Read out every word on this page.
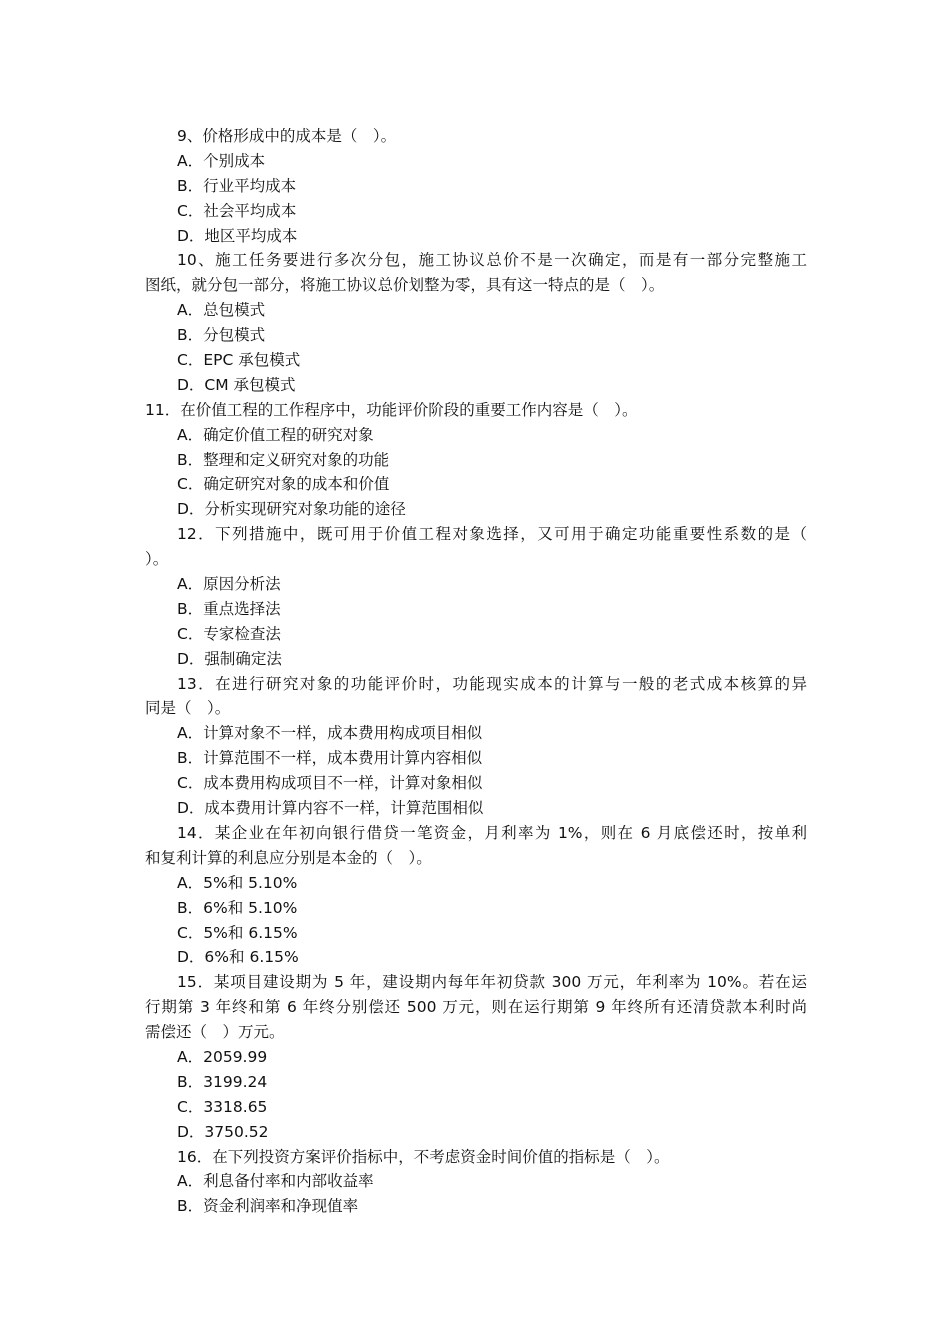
9、价格形成中的成本是（　）。
A．个别成本
B．行业平均成本
C．社会平均成本
D．地区平均成本
10、施工任务要进行多次分包，施工协议总价不是一次确定，而是有一部分完整施工
图纸，就分包一部分，将施工协议总价划整为零，具有这一特点的是（　）。
A．总包模式
B．分包模式
C．EPC 承包模式
D．CM 承包模式
11．在价值工程的工作程序中，功能评价阶段的重要工作内容是（　）。
A．确定价值工程的研究对象
B．整理和定义研究对象的功能
C．确定研究对象的成本和价值
D．分析实现研究对象功能的途径
12．下列措施中，既可用于价值工程对象选择，又可用于确定功能重要性系数的是（
）。
A．原因分析法
B．重点选择法
C．专家检查法
D．强制确定法
13．在进行研究对象的功能评价时，功能现实成本的计算与一般的老式成本核算的异
同是（　）。
A．计算对象不一样，成本费用构成项目相似
B．计算范围不一样，成本费用计算内容相似
C．成本费用构成项目不一样，计算对象相似
D．成本费用计算内容不一样，计算范围相似
14．某企业在年初向银行借贷一笔资金，月利率为 1%，则在 6 月底偿还时，按单利
和复利计算的利息应分别是本金的（　）。
A．5%和 5.10%
B．6%和 5.10%
C．5%和 6.15%
D．6%和 6.15%
15．某项目建设期为 5 年，建设期内每年年初贷款 300 万元，年利率为 10%。若在运
行期第 3 年终和第 6 年终分别偿还 500 万元，则在运行期第 9 年终所有还清贷款本利时尚
需偿还（　）万元。
A．2059.99
B．3199.24
C．3318.65
D．3750.52
16．在下列投资方案评价指标中，不考虑资金时间价值的指标是（　）。
A．利息备付率和内部收益率
B．资金利润率和净现值率
